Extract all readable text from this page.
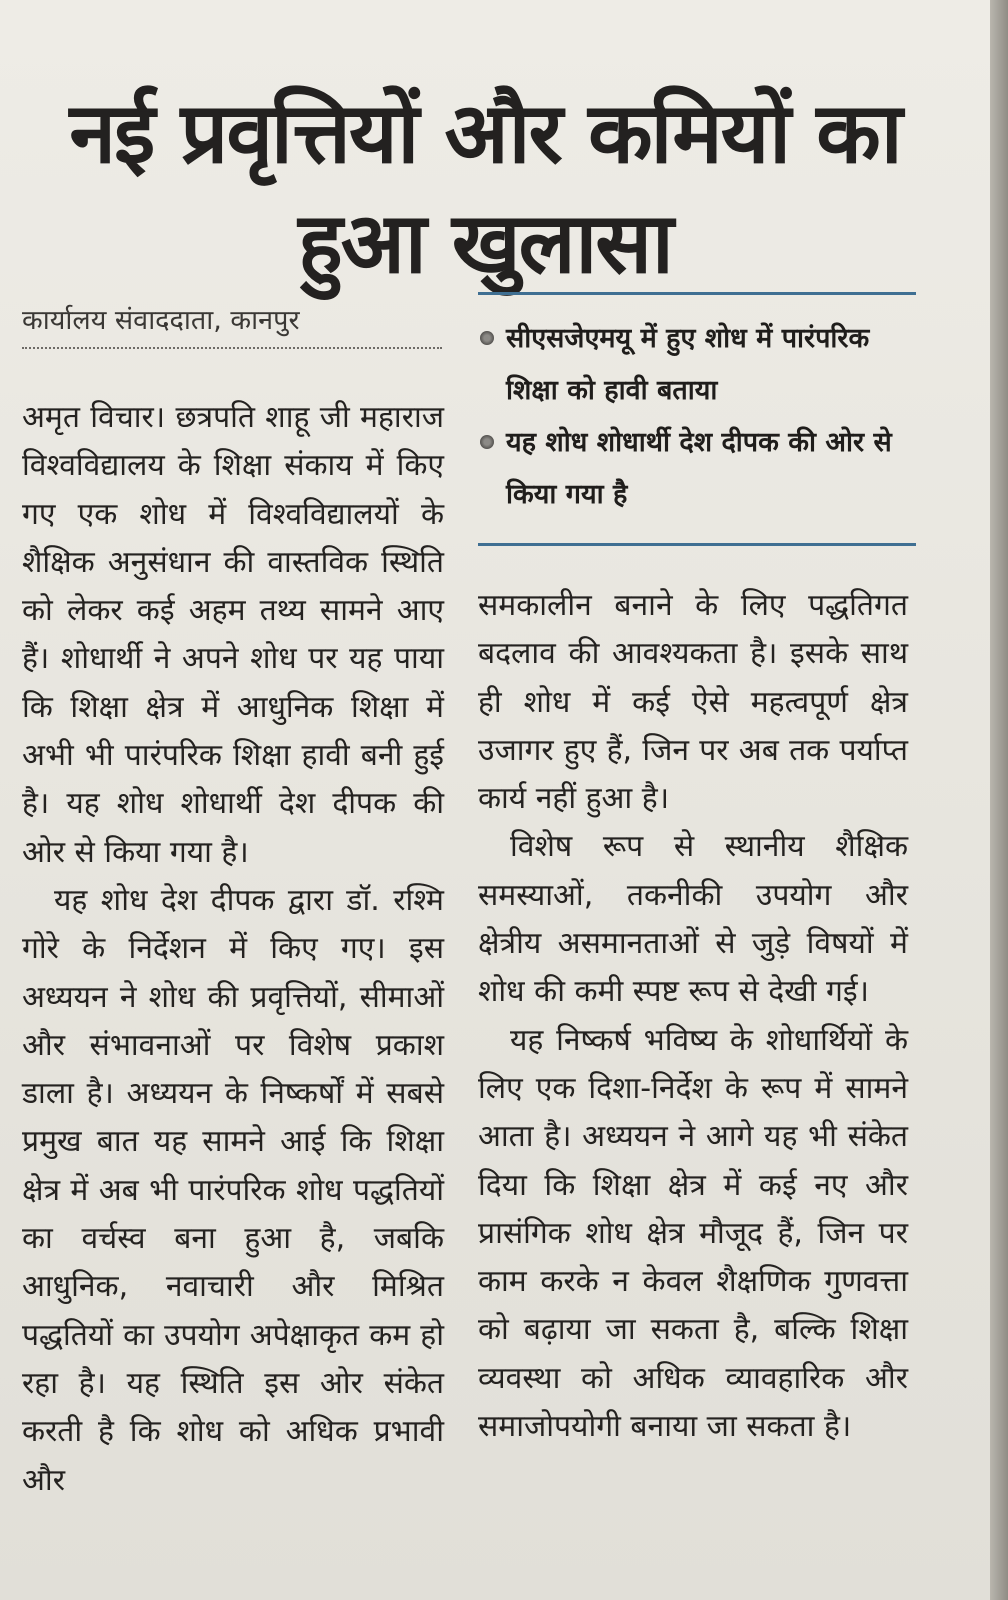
नई प्रवृत्तियों और कमियों का हुआ खुलासा
कार्यालय संवाददाता, कानपुर

सीएसजेएमयू में हुए शोध में पारंपरिक शिक्षा को हावी बताया

यह शोध शोधार्थी देश दीपक की ओर से किया गया है

अमृत विचार। छत्रपति शाहू जी महाराज विश्वविद्यालय के शिक्षा संकाय में किए गए एक शोध में विश्वविद्यालयों के शैक्षिक अनुसंधान की वास्तविक स्थिति को लेकर कई अहम तथ्य सामने आए हैं। शोधार्थी ने अपने शोध पर यह पाया कि शिक्षा क्षेत्र में आधुनिक शिक्षा में अभी भी पारंपरिक शिक्षा हावी बनी हुई है। यह शोध शोधार्थी देश दीपक की ओर से किया गया है।

यह शोध देश दीपक द्वारा डॉ. रश्मि गोरे के निर्देशन में किए गए। इस अध्ययन ने शोध की प्रवृत्तियों, सीमाओं और संभावनाओं पर विशेष प्रकाश डाला है। अध्ययन के निष्कर्षों में सबसे प्रमुख बात यह सामने आई कि शिक्षा क्षेत्र में अब भी पारंपरिक शोध पद्धतियों का वर्चस्व बना हुआ है, जबकि आधुनिक, नवाचारी और मिश्रित पद्धतियों का उपयोग अपेक्षाकृत कम हो रहा है। यह स्थिति इस ओर संकेत करती है कि शोध को अधिक प्रभावी और

समकालीन बनाने के लिए पद्धतिगत बदलाव की आवश्यकता है। इसके साथ ही शोध में कई ऐसे महत्वपूर्ण क्षेत्र उजागर हुए हैं, जिन पर अब तक पर्याप्त कार्य नहीं हुआ है।

विशेष रूप से स्थानीय शैक्षिक समस्याओं, तकनीकी उपयोग और क्षेत्रीय असमानताओं से जुड़े विषयों में शोध की कमी स्पष्ट रूप से देखी गई।

यह निष्कर्ष भविष्य के शोधार्थियों के लिए एक दिशा-निर्देश के रूप में सामने आता है। अध्ययन ने आगे यह भी संकेत दिया कि शिक्षा क्षेत्र में कई नए और प्रासंगिक शोध क्षेत्र मौजूद हैं, जिन पर काम करके न केवल शैक्षणिक गुणवत्ता को बढ़ाया जा सकता है, बल्कि शिक्षा व्यवस्था को अधिक व्यावहारिक और समाजोपयोगी बनाया जा सकता है।
